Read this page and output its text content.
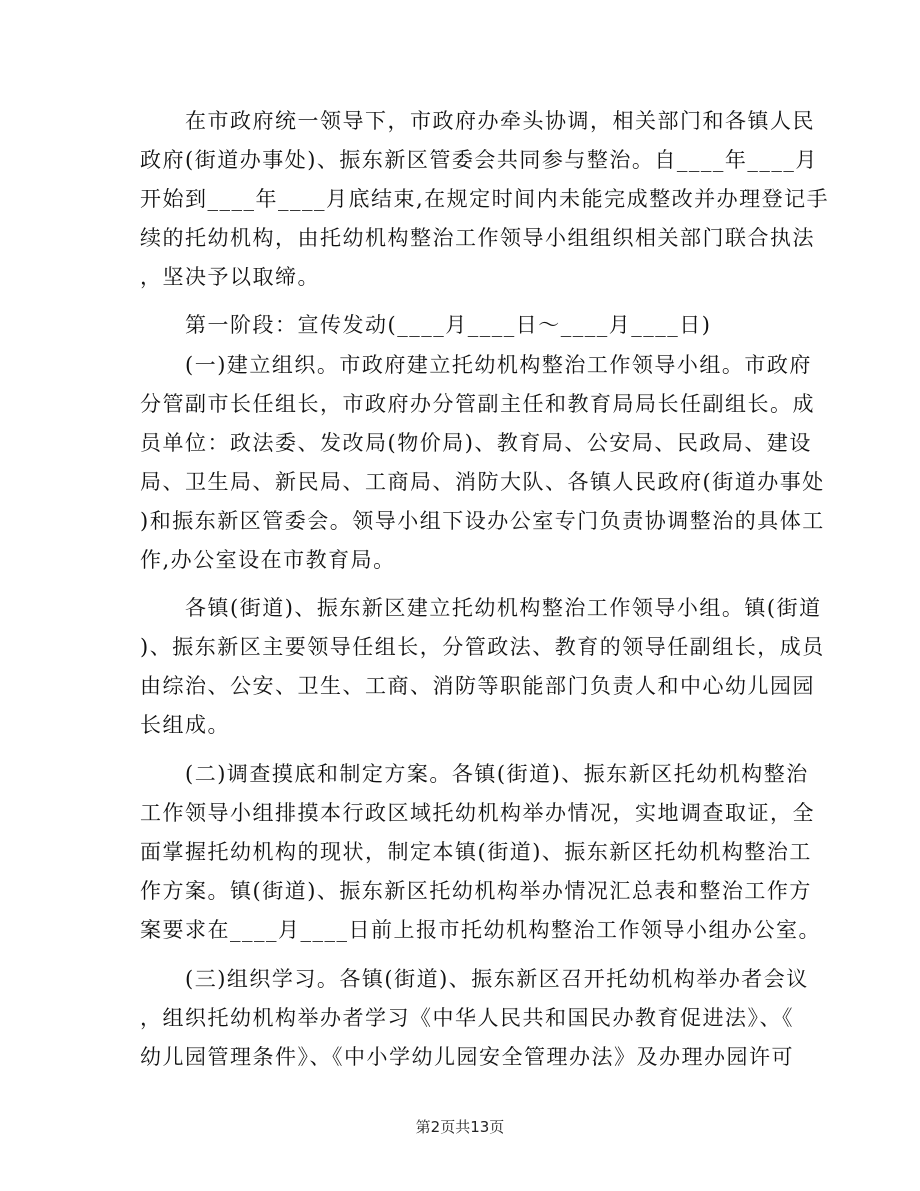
　　在市政府统一领导下，市政府办牵头协调，相关部门和各镇人民
政府(街道办事处)、振东新区管委会共同参与整治。自____年____月
开始到____年____月底结束,在规定时间内未能完成整改并办理登记手
续的托幼机构，由托幼机构整治工作领导小组组织相关部门联合执法
，坚决予以取缔。
　　第一阶段：宣传发动(____月____日～____月____日)
　　(一)建立组织。市政府建立托幼机构整治工作领导小组。市政府
分管副市长任组长，市政府办分管副主任和教育局局长任副组长。成
员单位：政法委、发改局(物价局)、教育局、公安局、民政局、建设
局、卫生局、新民局、工商局、消防大队、各镇人民政府(街道办事处
)和振东新区管委会。领导小组下设办公室专门负责协调整治的具体工
作,办公室设在市教育局。
　　各镇(街道)、振东新区建立托幼机构整治工作领导小组。镇(街道
)、振东新区主要领导任组长，分管政法、教育的领导任副组长，成员
由综治、公安、卫生、工商、消防等职能部门负责人和中心幼儿园园
长组成。
　　(二)调查摸底和制定方案。各镇(街道)、振东新区托幼机构整治
工作领导小组排摸本行政区域托幼机构举办情况，实地调查取证，全
面掌握托幼机构的现状，制定本镇(街道)、振东新区托幼机构整治工
作方案。镇(街道)、振东新区托幼机构举办情况汇总表和整治工作方
案要求在____月____日前上报市托幼机构整治工作领导小组办公室。
　　(三)组织学习。各镇(街道)、振东新区召开托幼机构举办者会议
，组织托幼机构举办者学习《中华人民共和国民办教育促进法》、《
幼儿园管理条件》、《中小学幼儿园安全管理办法》及办理办园许可
第2页共13页
